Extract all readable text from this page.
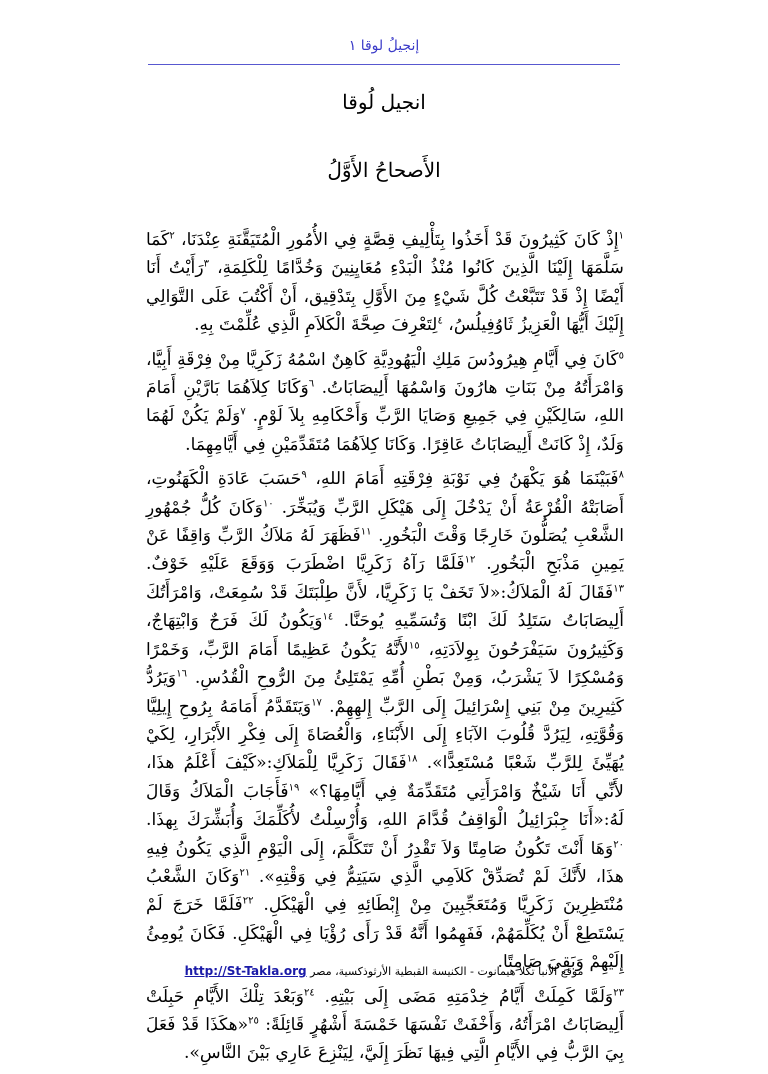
إنجيلُ لوقا ١
انجيل لُوقا
الأَصحاحُ الأَوَّلُ

$^١$إِذْ كَانَ كَثِيرُونَ قَدْ أَخَذُوا بِتَأْلِيفِ قِصَّةٍ فِي الأُمُورِ الْمُتَيَقَّنَةِ عِنْدَنَا، $^٢$كَمَا سَلَّمَهَا إِلَيْنَا الَّذِينَ كَانُوا مُنْذُ الْبَدْءِ مُعَايِنِينَ وَخُدَّامًا لِلْكَلِمَةِ، $^٣$رَأَيْتُ أَنَا أَيْضًا إِذْ قَدْ تَتَبَّعْتُ كُلَّ شَيْءٍ مِنَ الأَوَّلِ بِتَدْقِيق، أَنْ أَكْتُبَ عَلَى التَّوَالِي إِلَيْكَ أَيُّهَا الْعَزِيزُ ثَاوُفِيلُسُ، $^٤$لِتَعْرِفَ صِحَّةَ الْكَلاَمِ الَّذِي عُلِّمْتَ بِهِ.

$^٥$كَانَ فِي أَيَّامِ هِيرُودُسَ مَلِكِ الْيَهُودِيَّةِ كَاهِنٌ اسْمُهُ زَكَرِيَّا مِنْ فِرْقَةِ أَبِيَّا، وَامْرَأَتُهُ مِنْ بَنَاتِ هارُونَ وَاسْمُهَا أَلِيصَابَاتُ. $^٦$وَكَانَا كِلاَهُمَا بَارَّيْنِ أَمَامَ اللهِ، سَالِكَيْنِ فِي جَمِيعِ وَصَايَا الرَّبِّ وَأَحْكَامِهِ بِلاَ لَوْمٍ. $^٧$وَلَمْ يَكُنْ لَهُمَا وَلَدٌ، إِذْ كَانَتْ أَلِيصَابَاتُ عَاقِرًا. وَكَانَا كِلاَهُمَا مُتَقَدِّمَيْنِ فِي أَيَّامِهِمَا.

$^٨$فَبَيْنَمَا هُوَ يَكْهَنُ فِي نَوْبَةِ فِرْقَتِهِ أَمَامَ اللهِ، $^٩$حَسَبَ عَادَةِ الْكَهَنُوتِ، أَصَابَتْهُ الْقُرْعَةُ أَنْ يَدْخُلَ إِلَى هَيْكَلِ الرَّبِّ وَيُبَخِّرَ. $^{١٠}$وَكَانَ كُلُّ جُمْهُورِ الشَّعْبِ يُصَلُّونَ خَارِجًا وَقْتَ الْبَخُورِ. $^{١١}$فَظَهَرَ لَهُ مَلاَكُ الرَّبِّ وَاقِفًا عَنْ يَمِينِ مَذْبَحِ الْبَخُورِ. $^{١٢}$فَلَمَّا رَآهُ زَكَرِيَّا اضْطَرَبَ وَوَقَعَ عَلَيْهِ خَوْفٌ. $^{١٣}$فَقَالَ لَهُ الْمَلاَكُ:«لاَ تَخَفْ يَا زَكَرِيَّا، لأَنَّ طِلْبَتَكَ قَدْ سُمِعَتْ، وَامْرَأَتُكَ أَلِيصَابَاتُ سَتَلِدُ لَكَ ابْنًا وَتُسَمِّيهِ يُوحَنَّا. $^{١٤}$وَيَكُونُ لَكَ فَرَحٌ وَابْتِهَاجٌ، وَكَثِيرُونَ سَيَفْرَحُونَ بِوِلاَدَتِهِ، $^{١٥}$لأَنَّهُ يَكُونُ عَظِيمًا أَمَامَ الرَّبِّ، وَخَمْرًا وَمُسْكِرًا لاَ يَشْرَبُ، وَمِنْ بَطْنِ أُمِّهِ يَمْتَلِئُ مِنَ الرُّوحِ الْقُدُسِ. $^{١٦}$وَيَرُدُّ كَثِيرِينَ مِنْ بَنِي إِسْرَائِيلَ إِلَى الرَّبِّ إِلهِهِمْ. $^{١٧}$وَيَتَقَدَّمُ أَمَامَهُ بِرُوحِ إِيلِيَّا وَقُوَّتِهِ، لِيَرُدَّ قُلُوبَ الآبَاءِ إِلَى الأَبْنَاءِ، وَالْعُصَاةَ إِلَى فِكْرِ الأَبْرَارِ، لِكَيْ يُهَيِّئَ لِلرَّبِّ شَعْبًا مُسْتَعِدًّا». $^{١٨}$فَقَالَ زَكَرِيَّا لِلْمَلاَكِ:«كَيْفَ أَعْلَمُ هذَا، لأَنِّي أَنَا شَيْخٌ وَامْرَأَتِي مُتَقَدِّمَةٌ فِي أَيَّامِهَا؟» $^{١٩}$فَأَجَابَ الْمَلاَكُ وَقَالَ لَهُ:«أَنَا جِبْرَائِيلُ الْوَاقِفُ قُدَّامَ اللهِ، وَأُرْسِلْتُ لأُكَلِّمَكَ وَأُبَشِّرَكَ بِهذَا. $^{٢٠}$وَهَا أَنْتَ تَكُونُ صَامِتًا وَلاَ تَقْدِرُ أَنْ تَتَكَلَّمَ، إِلَى الْيَوْمِ الَّذِي يَكُونُ فِيهِ هذَا، لأَنَّكَ لَمْ تُصَدِّقْ كَلاَمِي الَّذِي سَيَتِمُّ فِي وَقْتِهِ». $^{٢١}$وَكَانَ الشَّعْبُ مُنْتَظِرِينَ زَكَرِيَّا وَمُتَعَجِّبِينَ مِنْ إِبْطَائِهِ فِي الْهَيْكَلِ. $^{٢٢}$فَلَمَّا خَرَجَ لَمْ يَسْتَطِعْ أَنْ يُكَلِّمَهُمْ، فَفَهِمُوا أَنَّهُ قَدْ رَأَى رُؤْيَا فِي الْهَيْكَلِ. فَكَانَ يُومِئُ إِلَيْهِمْ وَبَقِيَ صَامِتًا.

$^{٢٣}$وَلَمَّا كَمِلَتْ أَيَّامُ خِدْمَتِهِ مَضَى إِلَى بَيْتِهِ. $^{٢٤}$وَبَعْدَ تِلْكَ الأَيَّامِ حَبِلَتْ أَلِيصَابَاتُ امْرَأَتُهُ، وَأَخْفَتْ نَفْسَهَا خَمْسَةَ أَشْهُرٍ قَائِلَةً: $^{٢٥}$«هكَذَا قَدْ فَعَلَ بِيَ الرَّبُّ فِي الأَيَّامِ الَّتِي فِيهَا نَظَرَ إِلَيَّ، لِيَنْزِعَ عَارِي بَيْنَ النَّاسِ».

موقع الأنبا تكلا هيمانوت - الكنيسة القبطية الأرثوذكسية، مصر http://St-Takla.org
